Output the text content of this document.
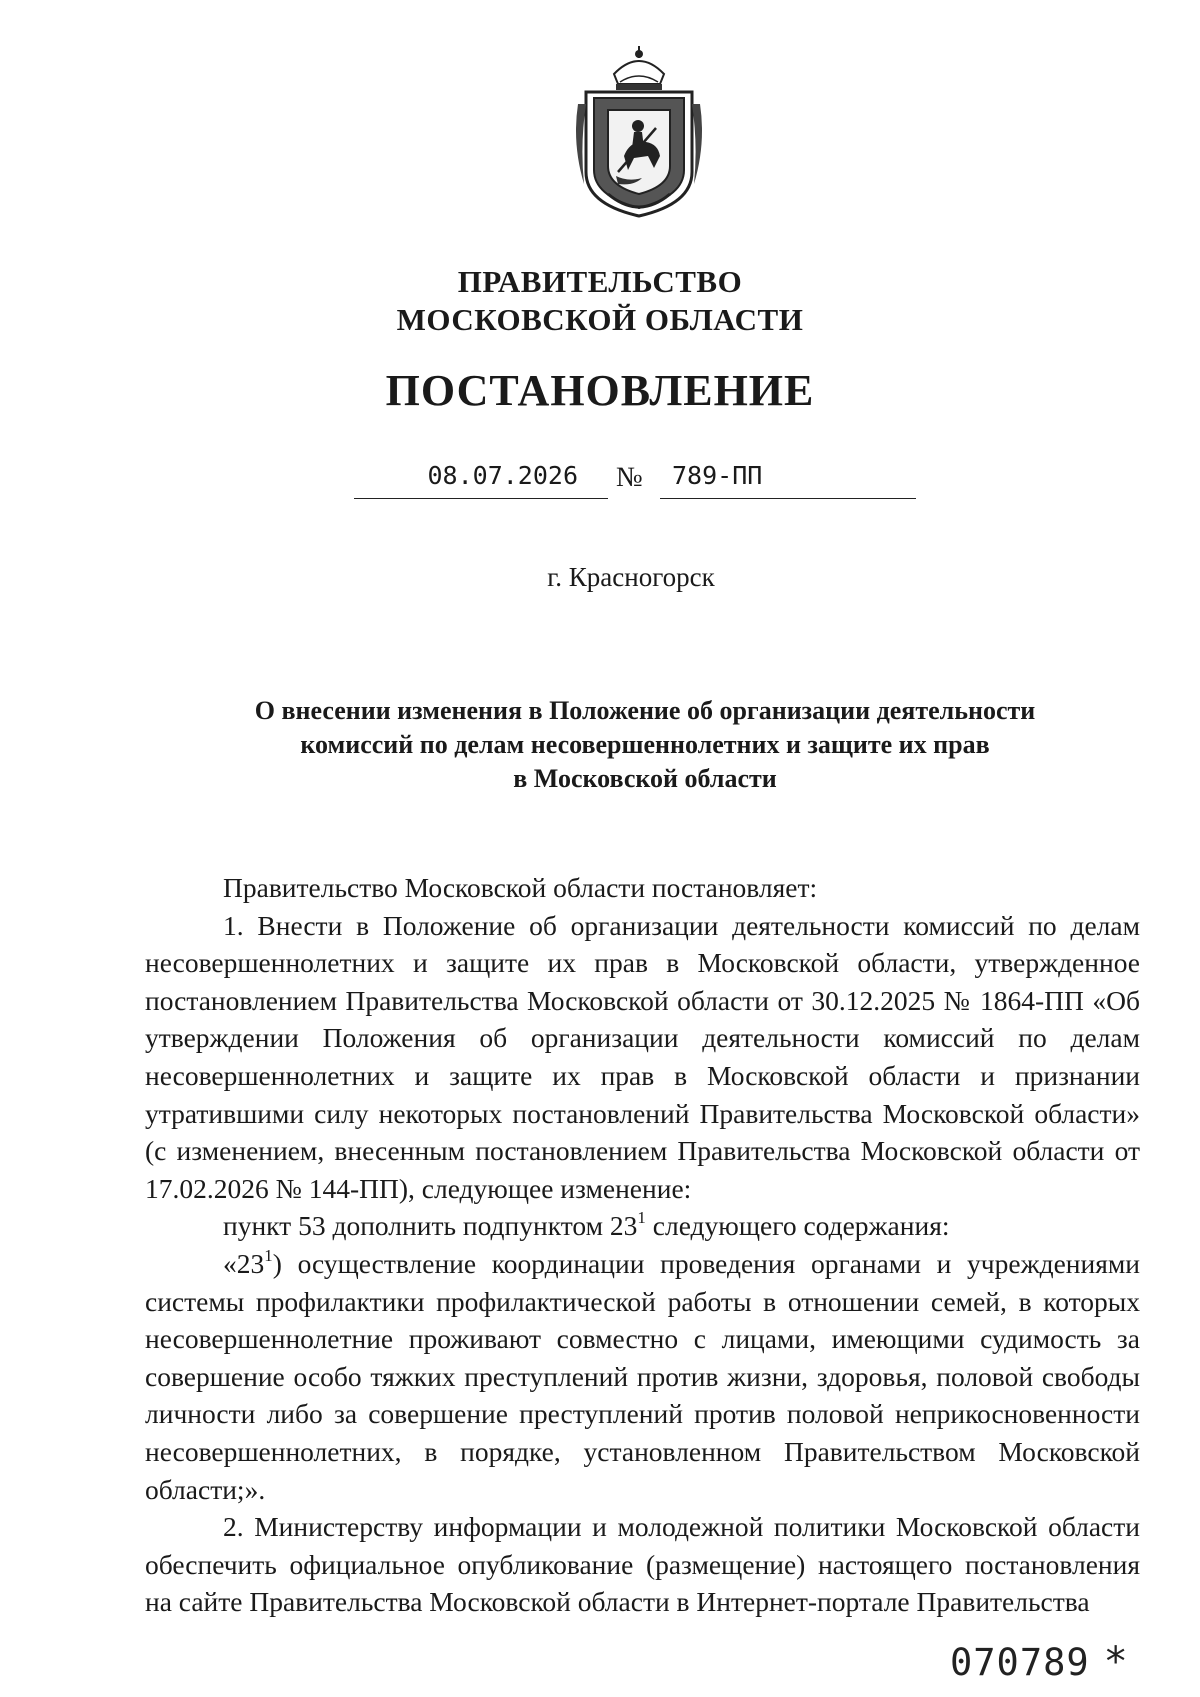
ПРАВИТЕЛЬСТВО
МОСКОВСКОЙ ОБЛАСТИ
ПОСТАНОВЛЕНИЕ
08.07.2026	№	789-ПП
г. Красногорск
О внесении изменения в Положение об организации деятельности
комиссий по делам несовершеннолетних и защите их прав
в Московской области

Правительство Московской области постановляет:

1. Внести в Положение об организации деятельности комиссий по делам несовершеннолетних и защите их прав в Московской области, утвержденное постановлением Правительства Московской области от 30.12.2025 № 1864-ПП «Об утверждении Положения об организации деятельности комиссий по делам несовершеннолетних и защите их прав в Московской области и признании утратившими силу некоторых постановлений Правительства Московской области» (с изменением, внесенным постановлением Правительства Московской области от 17.02.2026 № 144-ПП), следующее изменение:

пункт 53 дополнить подпунктом $23^1$ следующего содержания:

«$23^1$) осуществление координации проведения органами и учреждениями системы профилактики профилактической работы в отношении семей, в которых несовершеннолетние проживают совместно с лицами, имеющими судимость за совершение особо тяжких преступлений против жизни, здоровья, половой свободы личности либо за совершение преступлений против половой неприкосновенности несовершеннолетних, в порядке, установленном Правительством Московской области;».

2. Министерству информации и молодежной политики Московской области обеспечить официальное опубликование (размещение) настоящего постановления на сайте Правительства Московской области в Интернет-портале Правительства

070789 *
